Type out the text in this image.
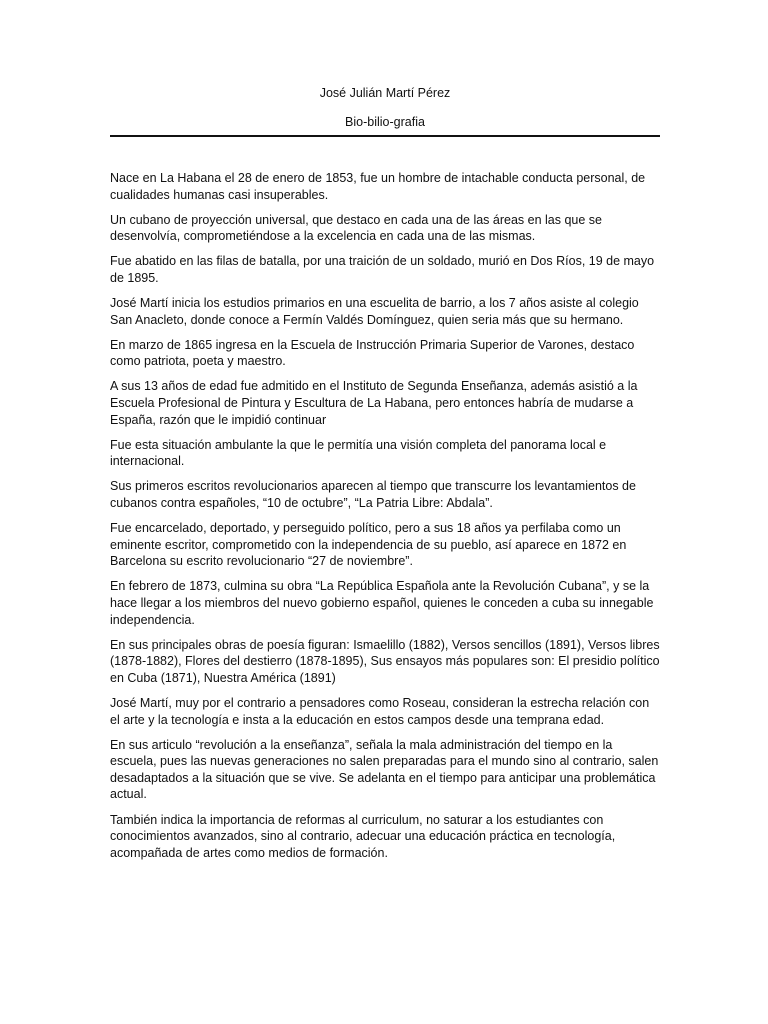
José Julián Martí Pérez
Bio-bilio-grafia

Nace en La Habana el 28 de enero de 1853, fue un hombre de intachable conducta personal, de cualidades humanas casi insuperables.

Un cubano de proyección universal, que destaco en cada una de las áreas en las que se desenvolvía, comprometiéndose a la excelencia en cada una de las mismas.

Fue abatido en las filas de batalla, por una traición de un soldado, murió en Dos Ríos, 19 de mayo de 1895.

José Martí inicia los estudios primarios en una escuelita de barrio, a los 7 años asiste al colegio San Anacleto, donde conoce a Fermín Valdés Domínguez, quien seria más que su hermano.

En marzo de 1865 ingresa en la Escuela de Instrucción Primaria Superior de Varones, destaco como patriota, poeta y maestro.

A sus 13 años de edad fue admitido en el Instituto de Segunda Enseñanza, además asistió a la Escuela Profesional de Pintura y Escultura de La Habana, pero entonces habría de mudarse a España, razón que le impidió continuar

Fue esta situación ambulante la que le permitía una visión completa del panorama local e internacional.

Sus primeros escritos revolucionarios aparecen al tiempo que transcurre los levantamientos de cubanos contra españoles, “10 de octubre”, “La Patria Libre: Abdala”.

Fue encarcelado, deportado, y perseguido político, pero a sus 18 años ya perfilaba como un eminente escritor, comprometido con la independencia de su pueblo, así aparece en 1872 en Barcelona su escrito revolucionario “27 de noviembre”.

En febrero de 1873, culmina su obra “La República Española ante la Revolución Cubana”, y se la hace llegar a los miembros del nuevo gobierno español, quienes le conceden a cuba su innegable independencia.

En sus principales obras de poesía figuran: Ismaelillo (1882), Versos sencillos (1891), Versos libres (1878-1882), Flores del destierro (1878-1895), Sus ensayos más populares son: El presidio político en Cuba (1871), Nuestra América (1891)

José Martí, muy por el contrario a pensadores como Roseau, consideran la estrecha relación con el arte y la tecnología e insta a la educación en estos campos desde una temprana edad.

En sus articulo “revolución a la enseñanza”, señala la mala administración del tiempo en la escuela, pues las nuevas generaciones no salen preparadas para el mundo sino al contrario, salen desadaptados a la situación que se vive. Se adelanta en el tiempo para anticipar una problemática actual.

También indica la importancia de reformas al curriculum, no saturar a los estudiantes con conocimientos avanzados, sino al contrario, adecuar una educación práctica en tecnología, acompañada de artes como medios de formación.
